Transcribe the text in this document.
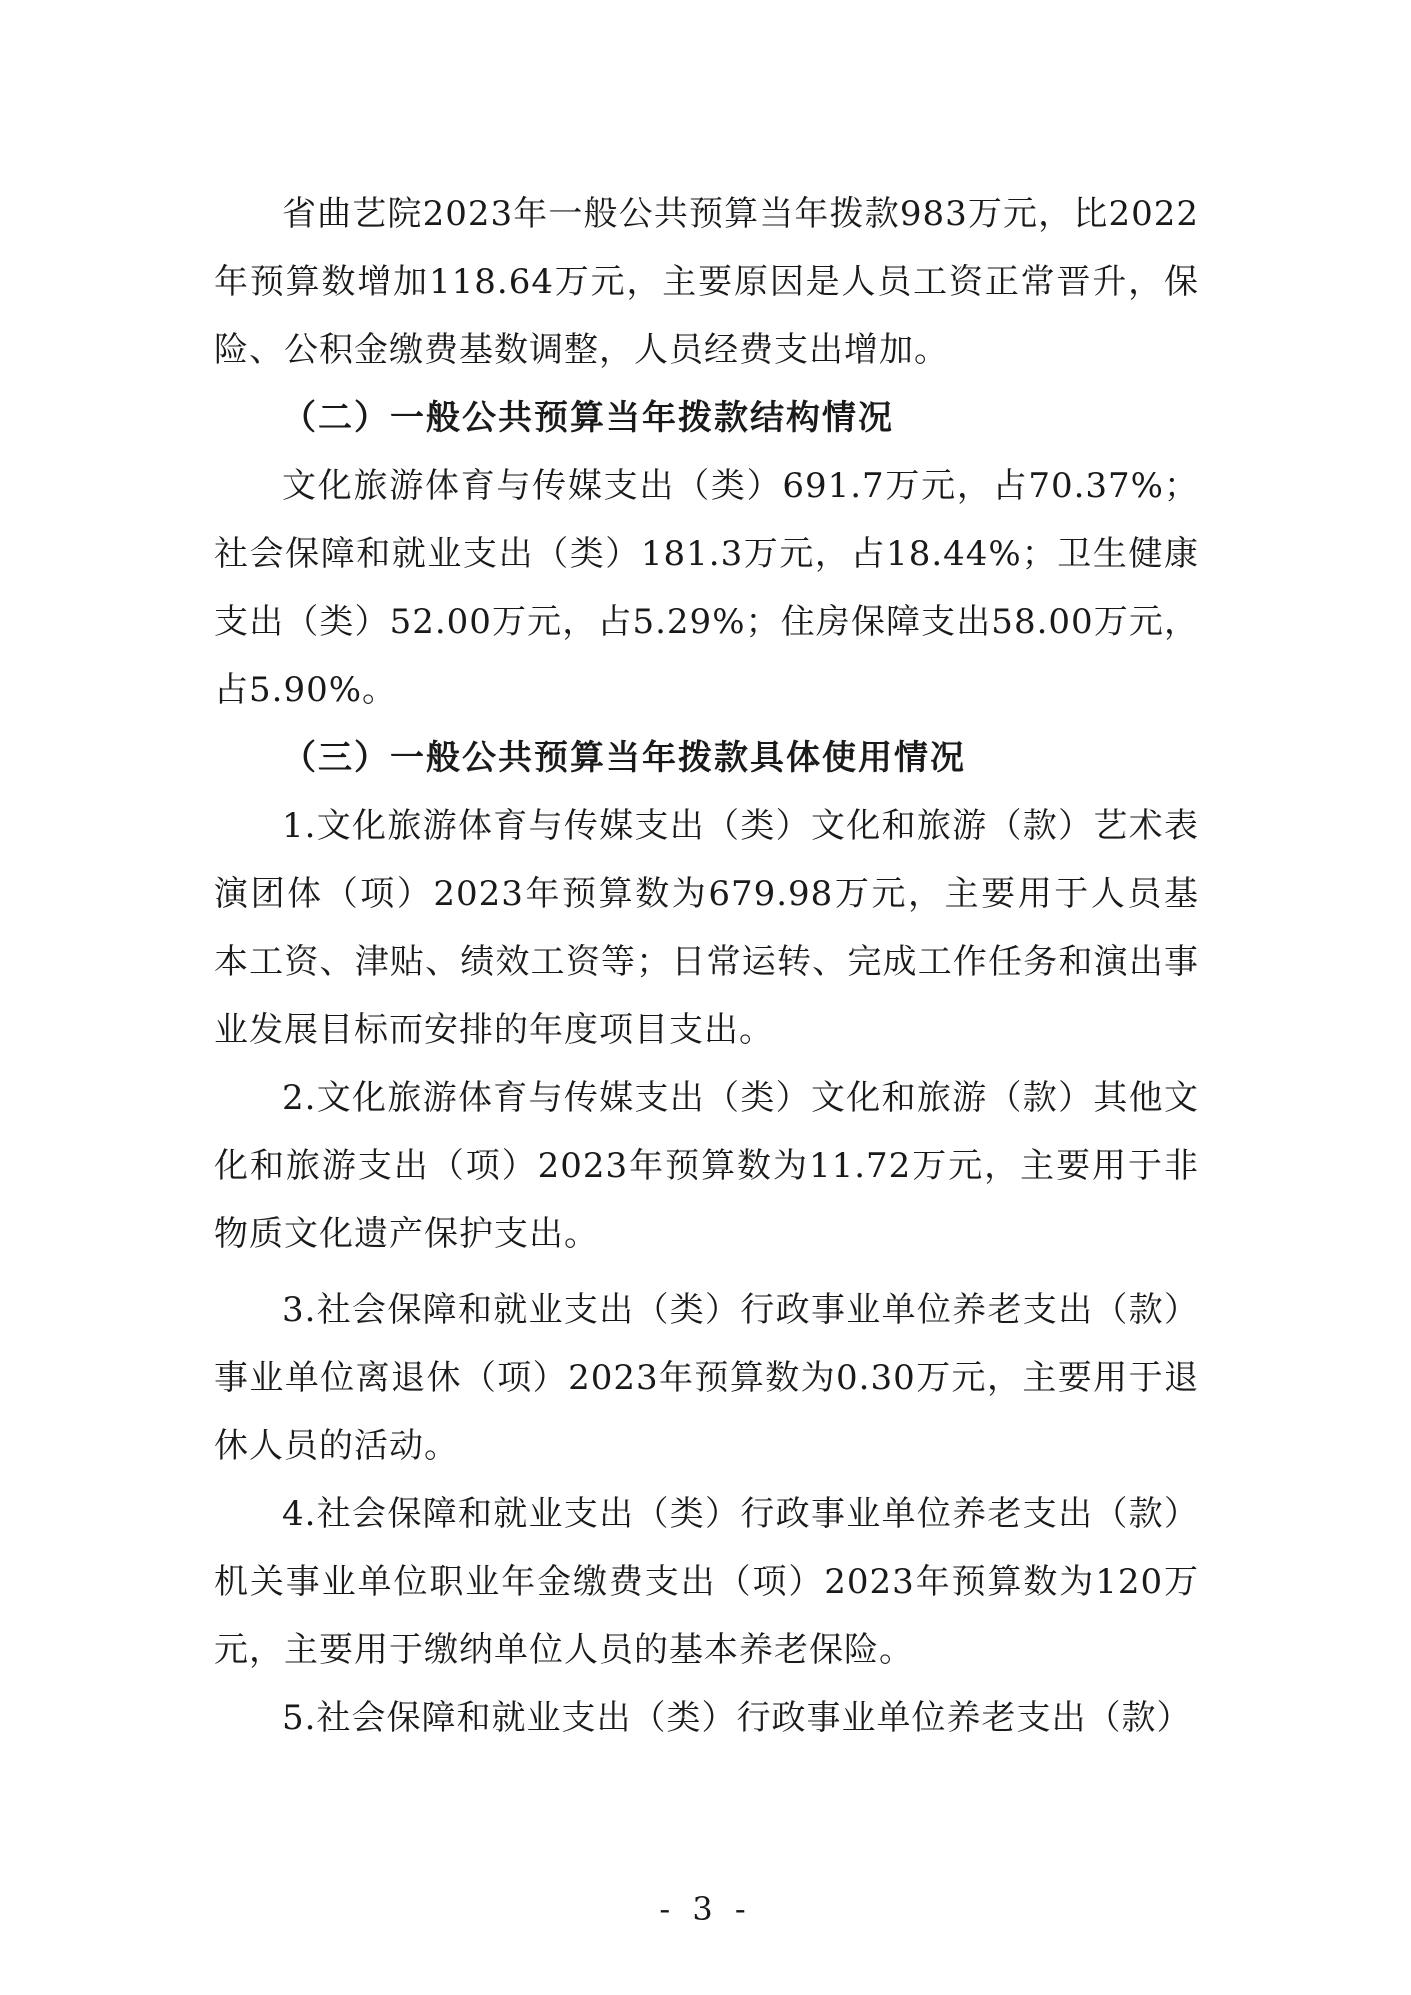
省曲艺院2023年一般公共预算当年拨款983万元，比2022年预算数增加118.64万元，主要原因是人员工资正常晋升，保险、公积金缴费基数调整，人员经费支出增加。

（二）一般公共预算当年拨款结构情况

文化旅游体育与传媒支出（类）691.7万元，占70.37%；社会保障和就业支出（类）181.3万元，占18.44%；卫生健康支出（类）52.00万元，占5.29%；住房保障支出58.00万元，占5.90%。

（三）一般公共预算当年拨款具体使用情况

1.文化旅游体育与传媒支出（类）文化和旅游（款）艺术表演团体（项）2023年预算数为679.98万元，主要用于人员基本工资、津贴、绩效工资等；日常运转、完成工作任务和演出事业发展目标而安排的年度项目支出。

2.文化旅游体育与传媒支出（类）文化和旅游（款）其他文化和旅游支出（项）2023年预算数为11.72万元，主要用于非物质文化遗产保护支出。

3.社会保障和就业支出（类）行政事业单位养老支出（款）事业单位离退休（项）2023年预算数为0.30万元，主要用于退休人员的活动。

4.社会保障和就业支出（类）行政事业单位养老支出（款）机关事业单位职业年金缴费支出（项）2023年预算数为120万元，主要用于缴纳单位人员的基本养老保险。

5.社会保障和就业支出（类）行政事业单位养老支出（款）

- 3 -
